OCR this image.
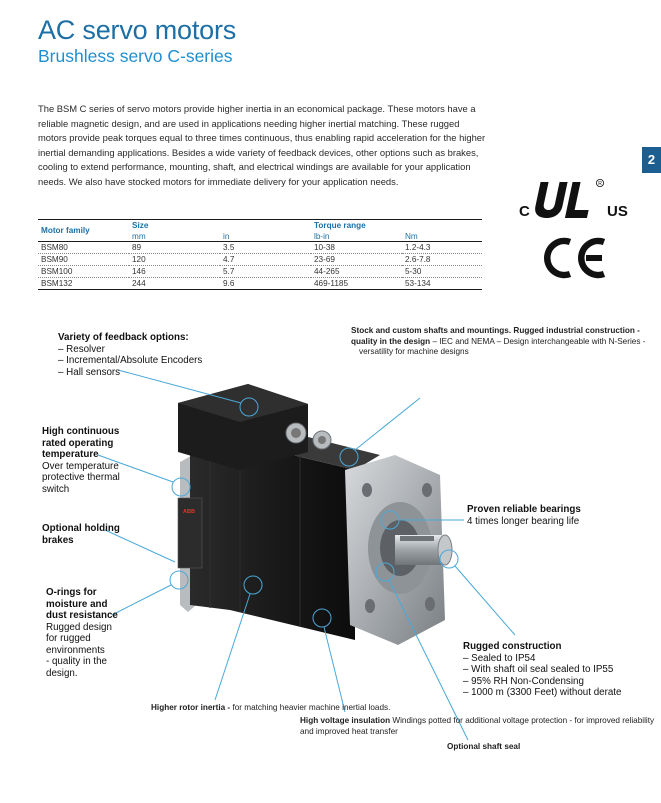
AC servo motors
Brushless servo C-series
2
The BSM C series of servo motors provide higher inertia in an economical package. These motors have a reliable magnetic design, and are used in applications needing higher inertial matching. These rugged motors provide peak torques equal to three times continuous, thus enabling rapid acceleration for the higher inertial demanding applications. Besides a wide variety of feedback devices, other options such as brakes, cooling to extend performance, mounting, shaft, and electrical windings are available for your application needs. We also have stocked motors for immediate delivery for your application needs.
C	US
R
Motor family	Size		Torque range	
	mm	in	lb-in	Nm
BSM80	89	3.5	10-38	1.2-4.3
BSM90	120	4.7	23-69	2.6-7.8
BSM100	146	5.7	44-265	5-30
BSM132	244	9.6	469-1185	53-134
ABB
Variety of feedback options:
– Resolver
– Incremental/Absolute Encoders
– Hall sensors
Stock and custom shafts and mountings. Rugged industrial construction - quality in the design – IEC and NEMA – Design interchangeable with N-Series - versatility for machine designs
High continuous
rated operating
temperature
Over temperature
protective thermal
switch
Optional holding
brakes
Proven reliable bearings
4 times longer bearing life
O-rings for
moisture and
dust resistance
Rugged design
for rugged
environments
- quality in the
design.
Rugged construction
– Sealed to IP54
– With shaft oil seal sealed to IP55
– 95% RH Non-Condensing
– 1000 m (3300 Feet) without derate
Higher rotor inertia - for matching heavier machine inertial loads.
High voltage insulation Windings potted for additional voltage protection - for improved reliability and improved heat transfer
Optional shaft seal
